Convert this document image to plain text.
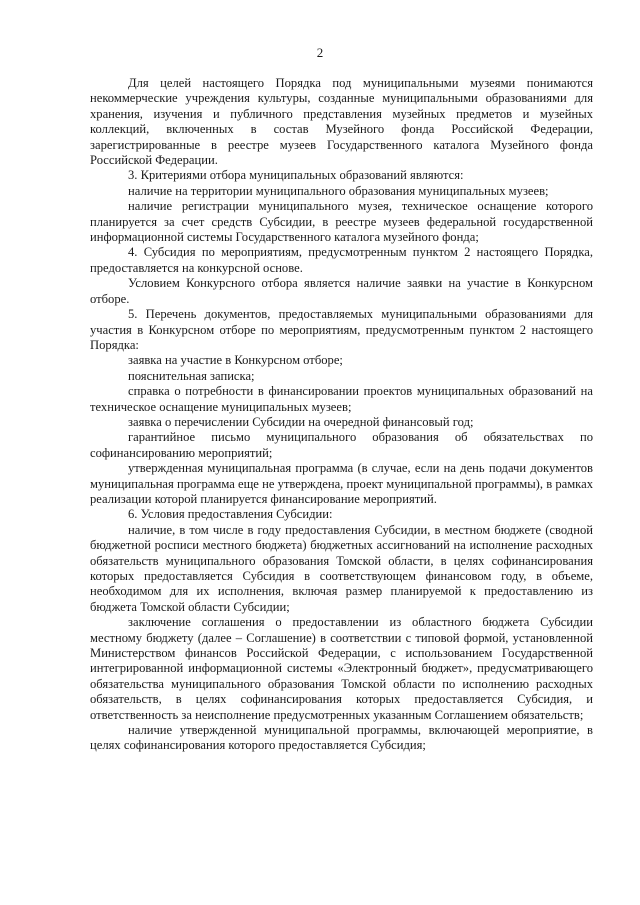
2

Для целей настоящего Порядка под муниципальными музеями понимаются некоммерческие учреждения культуры, созданные муниципальными образованиями для хранения, изучения и публичного представления музейных предметов и музейных коллекций, включенных в состав Музейного фонда Российской Федерации, зарегистрированные в реестре музеев Государственного каталога Музейного фонда Российской Федерации.

3. Критериями отбора муниципальных образований являются:

наличие на территории муниципального образования муниципальных музеев;

наличие регистрации муниципального музея, техническое оснащение которого планируется за счет средств Субсидии, в реестре музеев федеральной государственной информационной системы Государственного каталога музейного фонда;

4. Субсидия по мероприятиям, предусмотренным пунктом 2 настоящего Порядка, предоставляется на конкурсной основе.

Условием Конкурсного отбора является наличие заявки на участие в Конкурсном отборе.

5. Перечень документов, предоставляемых муниципальными образованиями для участия в Конкурсном отборе по мероприятиям, предусмотренным пунктом 2 настоящего Порядка:

заявка на участие в Конкурсном отборе;

пояснительная записка;

справка о потребности в финансировании проектов муниципальных образований на техническое оснащение муниципальных музеев;

заявка о перечислении Субсидии на очередной финансовый год;

гарантийное письмо муниципального образования об обязательствах по софинансированию мероприятий;

утвержденная муниципальная программа (в случае, если на день подачи документов муниципальная программа еще не утверждена, проект муниципальной программы), в рамках реализации которой планируется финансирование мероприятий.

6. Условия предоставления Субсидии:

наличие, в том числе в году предоставления Субсидии, в местном бюджете (сводной бюджетной росписи местного бюджета) бюджетных ассигнований на исполнение расходных обязательств муниципального образования Томской области, в целях софинансирования которых предоставляется Субсидия в соответствующем финансовом году, в объеме, необходимом для их исполнения, включая размер планируемой к предоставлению из бюджета Томской области Субсидии;

заключение соглашения о предоставлении из областного бюджета Субсидии местному бюджету (далее – Соглашение) в соответствии с типовой формой, установленной Министерством финансов Российской Федерации, с использованием Государственной интегрированной информационной системы «Электронный бюджет», предусматривающего обязательства муниципального образования Томской области по исполнению расходных обязательств, в целях софинансирования которых предоставляется Субсидия, и ответственность за неисполнение предусмотренных указанным Соглашением обязательств;

наличие утвержденной муниципальной программы, включающей мероприятие, в целях софинансирования которого предоставляется Субсидия;
